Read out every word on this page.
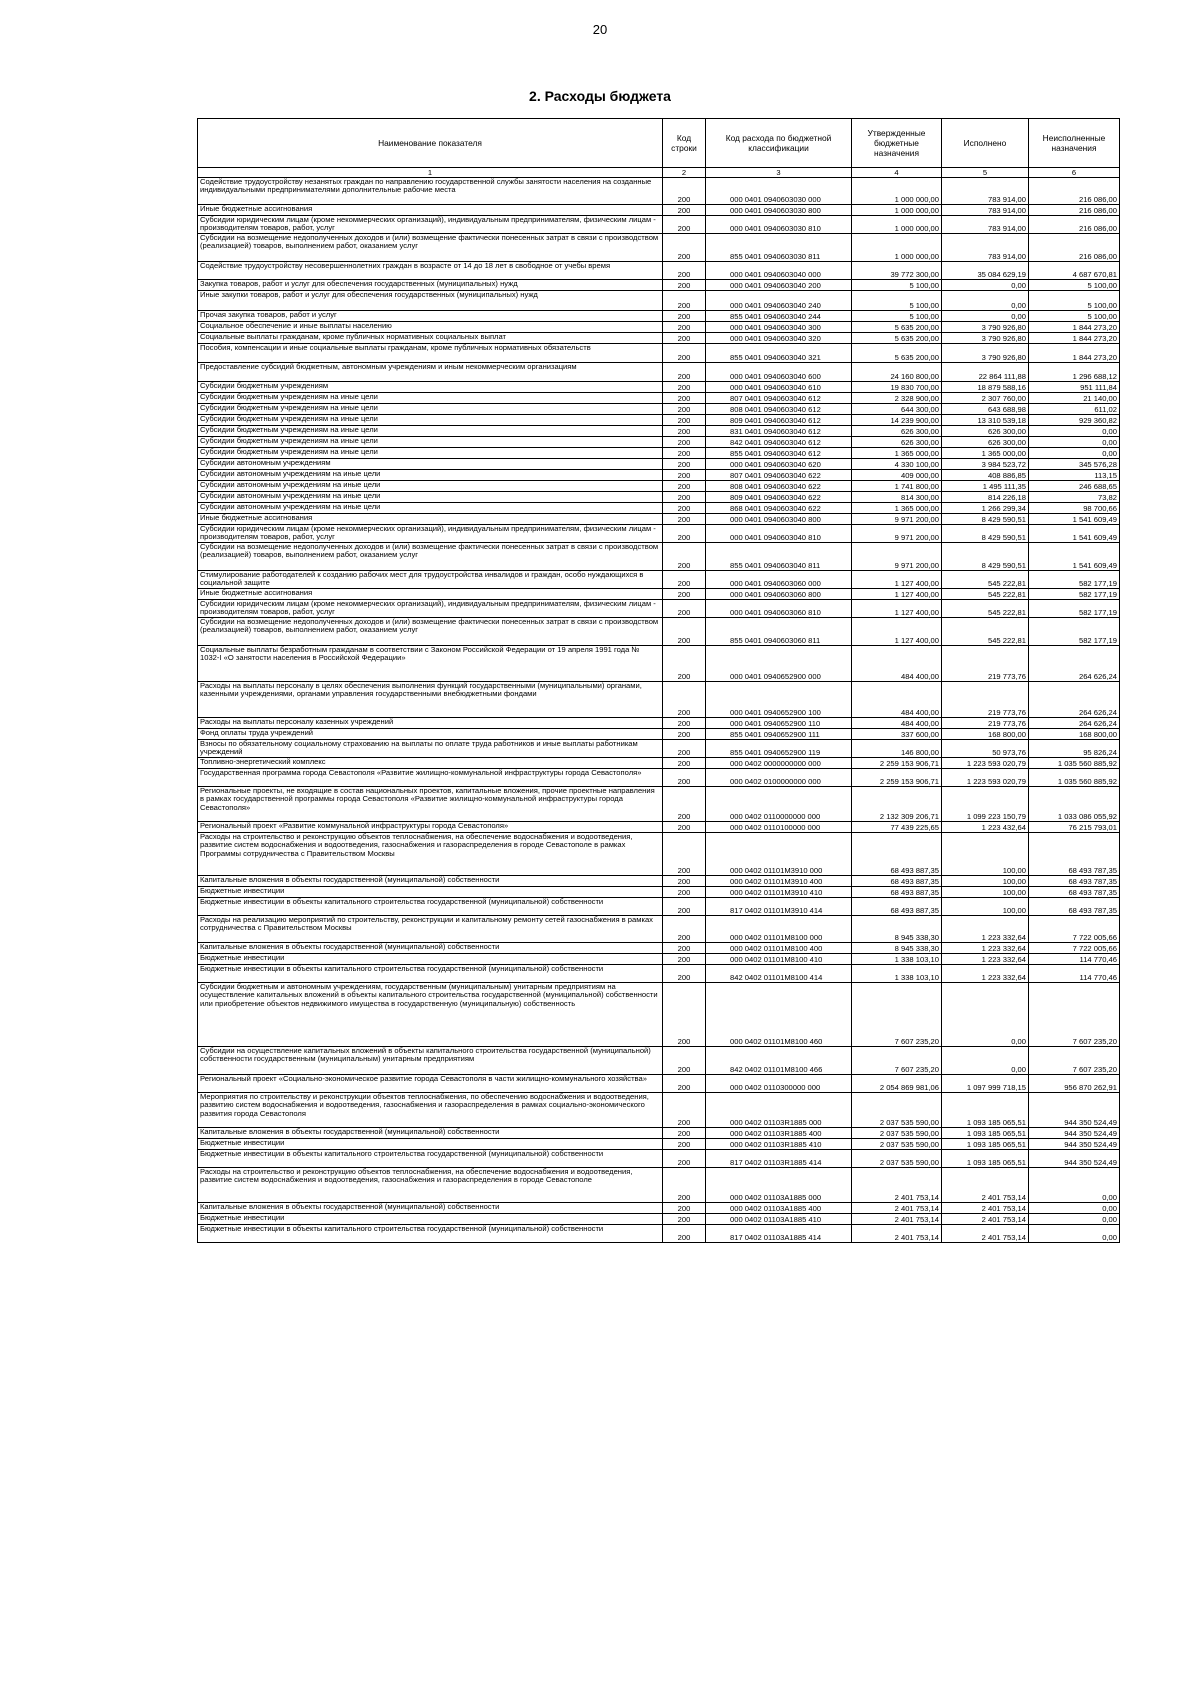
20
2. Расходы бюджета
Наименование показателя	Код строки	Код расхода по бюджетной классификации	Утвержденные бюджетные назначения	Исполнено	Неисполненные назначения
1	2	3	4	5	6
Содействие трудоустройству незанятых граждан по направлению государственной службы занятости населения на созданные индивидуальными предпринимателями дополнительные рабочие места	200	000 0401 0940603030 000	1 000 000,00	783 914,00	216 086,00
Иные бюджетные ассигнования	200	000 0401 0940603030 800	1 000 000,00	783 914,00	216 086,00
Субсидии юридическим лицам (кроме некоммерческих организаций), индивидуальным предпринимателям, физическим лицам - производителям товаров, работ, услуг	200	000 0401 0940603030 810	1 000 000,00	783 914,00	216 086,00
Субсидии на возмещение недополученных доходов и (или) возмещение фактически понесенных затрат в связи с производством (реализацией) товаров, выполнением работ, оказанием услуг	200	855 0401 0940603030 811	1 000 000,00	783 914,00	216 086,00
Содействие трудоустройству несовершеннолетних граждан в возрасте от 14 до 18 лет в свободное от учебы время	200	000 0401 0940603040 000	39 772 300,00	35 084 629,19	4 687 670,81
Закупка товаров, работ и услуг для обеспечения государственных (муниципальных) нужд	200	000 0401 0940603040 200	5 100,00	0,00	5 100,00
Иные закупки товаров, работ и услуг для обеспечения государственных (муниципальных) нужд	200	000 0401 0940603040 240	5 100,00	0,00	5 100,00
Прочая закупка товаров, работ и услуг	200	855 0401 0940603040 244	5 100,00	0,00	5 100,00
Социальное обеспечение и иные выплаты населению	200	000 0401 0940603040 300	5 635 200,00	3 790 926,80	1 844 273,20
Социальные выплаты гражданам, кроме публичных нормативных социальных выплат	200	000 0401 0940603040 320	5 635 200,00	3 790 926,80	1 844 273,20
Пособия, компенсации и иные социальные выплаты гражданам, кроме публичных нормативных обязательств	200	855 0401 0940603040 321	5 635 200,00	3 790 926,80	1 844 273,20
Предоставление субсидий бюджетным, автономным учреждениям и иным некоммерческим организациям	200	000 0401 0940603040 600	24 160 800,00	22 864 111,88	1 296 688,12
Субсидии бюджетным учреждениям	200	000 0401 0940603040 610	19 830 700,00	18 879 588,16	951 111,84
Субсидии бюджетным учреждениям на иные цели	200	807 0401 0940603040 612	2 328 900,00	2 307 760,00	21 140,00
Субсидии бюджетным учреждениям на иные цели	200	808 0401 0940603040 612	644 300,00	643 688,98	611,02
Субсидии бюджетным учреждениям на иные цели	200	809 0401 0940603040 612	14 239 900,00	13 310 539,18	929 360,82
Субсидии бюджетным учреждениям на иные цели	200	831 0401 0940603040 612	626 300,00	626 300,00	0,00
Субсидии бюджетным учреждениям на иные цели	200	842 0401 0940603040 612	626 300,00	626 300,00	0,00
Субсидии бюджетным учреждениям на иные цели	200	855 0401 0940603040 612	1 365 000,00	1 365 000,00	0,00
Субсидии автономным учреждениям	200	000 0401 0940603040 620	4 330 100,00	3 984 523,72	345 576,28
Субсидии автономным учреждениям на иные цели	200	807 0401 0940603040 622	409 000,00	408 886,85	113,15
Субсидии автономным учреждениям на иные цели	200	808 0401 0940603040 622	1 741 800,00	1 495 111,35	246 688,65
Субсидии автономным учреждениям на иные цели	200	809 0401 0940603040 622	814 300,00	814 226,18	73,82
Субсидии автономным учреждениям на иные цели	200	868 0401 0940603040 622	1 365 000,00	1 266 299,34	98 700,66
Иные бюджетные ассигнования	200	000 0401 0940603040 800	9 971 200,00	8 429 590,51	1 541 609,49
Субсидии юридическим лицам (кроме некоммерческих организаций), индивидуальным предпринимателям, физическим лицам - производителям товаров, работ, услуг	200	000 0401 0940603040 810	9 971 200,00	8 429 590,51	1 541 609,49
Субсидии на возмещение недополученных доходов и (или) возмещение фактически понесенных затрат в связи с производством (реализацией) товаров, выполнением работ, оказанием услуг	200	855 0401 0940603040 811	9 971 200,00	8 429 590,51	1 541 609,49
Стимулирование работодателей к созданию рабочих мест для трудоустройства инвалидов и граждан, особо нуждающихся в социальной защите	200	000 0401 0940603060 000	1 127 400,00	545 222,81	582 177,19
Иные бюджетные ассигнования	200	000 0401 0940603060 800	1 127 400,00	545 222,81	582 177,19
Субсидии юридическим лицам (кроме некоммерческих организаций), индивидуальным предпринимателям, физическим лицам - производителям товаров, работ, услуг	200	000 0401 0940603060 810	1 127 400,00	545 222,81	582 177,19
Субсидии на возмещение недополученных доходов и (или) возмещение фактически понесенных затрат в связи с производством (реализацией) товаров, выполнением работ, оказанием услуг	200	855 0401 0940603060 811	1 127 400,00	545 222,81	582 177,19
Социальные выплаты безработным гражданам в соответствии с Законом Российской Федерации от 19 апреля 1991 года № 1032-I «О занятости населения в Российской Федерации»	200	000 0401 0940652900 000	484 400,00	219 773,76	264 626,24
Расходы на выплаты персоналу в целях обеспечения выполнения функций государственными (муниципальными) органами, казенными учреждениями, органами управления государственными внебюджетными фондами	200	000 0401 0940652900 100	484 400,00	219 773,76	264 626,24
Расходы на выплаты персоналу казенных учреждений	200	000 0401 0940652900 110	484 400,00	219 773,76	264 626,24
Фонд оплаты труда учреждений	200	855 0401 0940652900 111	337 600,00	168 800,00	168 800,00
Взносы по обязательному социальному страхованию на выплаты по оплате труда работников и иные выплаты работникам учреждений	200	855 0401 0940652900 119	146 800,00	50 973,76	95 826,24
Топливно-энергетический комплекс	200	000 0402 0000000000 000	2 259 153 906,71	1 223 593 020,79	1 035 560 885,92
Государственная программа города Севастополя «Развитие жилищно-коммунальной инфраструктуры города Севастополя»	200	000 0402 0100000000 000	2 259 153 906,71	1 223 593 020,79	1 035 560 885,92
Региональные проекты, не входящие в состав национальных проектов, капитальные вложения, прочие проектные направления в рамках государственной программы города Севастополя «Развитие жилищно-коммунальной инфраструктуры города Севастополя»	200	000 0402 0110000000 000	2 132 309 206,71	1 099 223 150,79	1 033 086 055,92
Региональный проект «Развитие коммунальной инфраструктуры города Севастополя»	200	000 0402 0110100000 000	77 439 225,65	1 223 432,64	76 215 793,01
Расходы на строительство и реконструкцию объектов теплоснабжения, на обеспечение водоснабжения и водоотведения, развитие систем водоснабжения и водоотведения, газоснабжения и газораспределения в городе Севастополе в рамках Программы сотрудничества с Правительством Москвы	200	000 0402 01101М3910 000	68 493 887,35	100,00	68 493 787,35
Капитальные вложения в объекты государственной (муниципальной) собственности	200	000 0402 01101М3910 400	68 493 887,35	100,00	68 493 787,35
Бюджетные инвестиции	200	000 0402 01101М3910 410	68 493 887,35	100,00	68 493 787,35
Бюджетные инвестиции в объекты капитального строительства государственной (муниципальной) собственности	200	817 0402 01101М3910 414	68 493 887,35	100,00	68 493 787,35
Расходы на реализацию мероприятий по строительству, реконструкции и капитальному ремонту сетей газоснабжения в рамках сотрудничества с Правительством Москвы	200	000 0402 01101М8100 000	8 945 338,30	1 223 332,64	7 722 005,66
Капитальные вложения в объекты государственной (муниципальной) собственности	200	000 0402 01101М8100 400	8 945 338,30	1 223 332,64	7 722 005,66
Бюджетные инвестиции	200	000 0402 01101М8100 410	1 338 103,10	1 223 332,64	114 770,46
Бюджетные инвестиции в объекты капитального строительства государственной (муниципальной) собственности	200	842 0402 01101М8100 414	1 338 103,10	1 223 332,64	114 770,46
Субсидии бюджетным и автономным учреждениям, государственным (муниципальным) унитарным предприятиям на осуществление капитальных вложений в объекты капитального строительства государственной (муниципальной) собственности или приобретение объектов недвижимого имущества в государственную (муниципальную) собственность	200	000 0402 01101М8100 460	7 607 235,20	0,00	7 607 235,20
Субсидии на осуществление капитальных вложений в объекты капитального строительства государственной (муниципальной) собственности государственным (муниципальным) унитарным предприятиям	200	842 0402 01101М8100 466	7 607 235,20	0,00	7 607 235,20
Региональный проект «Социально-экономическое развитие города Севастополя в части жилищно-коммунального хозяйства»	200	000 0402 0110300000 000	2 054 869 981,06	1 097 999 718,15	956 870 262,91
Мероприятия по строительству и реконструкции объектов теплоснабжения, по обеспечению водоснабжения и водоотведения, развитию систем водоснабжения и водоотведения, газоснабжения и газораспределения в рамках социально-экономического развития города Севастополя	200	000 0402 01103R1885 000	2 037 535 590,00	1 093 185 065,51	944 350 524,49
Капитальные вложения в объекты государственной (муниципальной) собственности	200	000 0402 01103R1885 400	2 037 535 590,00	1 093 185 065,51	944 350 524,49
Бюджетные инвестиции	200	000 0402 01103R1885 410	2 037 535 590,00	1 093 185 065,51	944 350 524,49
Бюджетные инвестиции в объекты капитального строительства государственной (муниципальной) собственности	200	817 0402 01103R1885 414	2 037 535 590,00	1 093 185 065,51	944 350 524,49
Расходы на строительство и реконструкцию объектов теплоснабжения, на обеспечение водоснабжения и водоотведения, развитие систем водоснабжения и водоотведения, газоснабжения и газораспределения в городе Севастополе	200	000 0402 01103А1885 000	2 401 753,14	2 401 753,14	0,00
Капитальные вложения в объекты государственной (муниципальной) собственности	200	000 0402 01103А1885 400	2 401 753,14	2 401 753,14	0,00
Бюджетные инвестиции	200	000 0402 01103А1885 410	2 401 753,14	2 401 753,14	0,00
Бюджетные инвестиции в объекты капитального строительства государственной (муниципальной) собственности	200	817 0402 01103А1885 414	2 401 753,14	2 401 753,14	0,00
